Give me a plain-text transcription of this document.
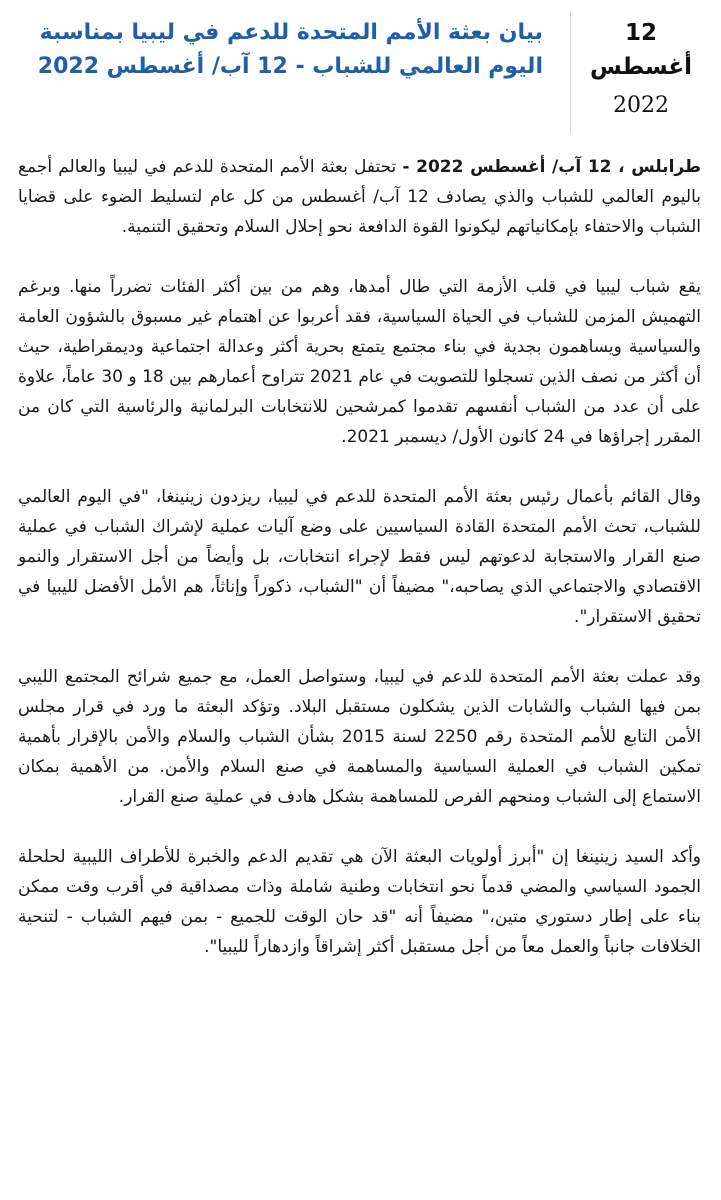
12 أغسطس
2022
بيان بعثة الأمم المتحدة للدعم في ليبيا بمناسبة اليوم العالمي للشباب - 12 آب/ أغسطس 2022

طرابلس ، 12 آب/ أغسطس 2022 - تحتفل بعثة الأمم المتحدة للدعم في ليبيا والعالم أجمع باليوم العالمي للشباب والذي يصادف 12 آب/ أغسطس من كل عام لتسليط الضوء على قضايا الشباب والاحتفاء بإمكانياتهم ليكونوا القوة الدافعة نحو إحلال السلام وتحقيق التنمية.

يقع شباب ليبيا في قلب الأزمة التي طال أمدها، وهم من بين أكثر الفئات تضرراً منها. وبرغم التهميش المزمن للشباب في الحياة السياسية، فقد أعربوا عن اهتمام غير مسبوق بالشؤون العامة والسياسية ويساهمون بجدية في بناء مجتمع يتمتع بحرية أكثر وعدالة اجتماعية وديمقراطية، حيث أن أكثر من نصف الذين تسجلوا للتصويت في عام 2021 تتراوح أعمارهم بين 18 و 30 عاماً، علاوة على أن عدد من الشباب أنفسهم تقدموا كمرشحين للانتخابات البرلمانية والرئاسية التي كان من المقرر إجراؤها في 24 كانون الأول/ ديسمبر 2021.

وقال القائم بأعمال رئيس بعثة الأمم المتحدة للدعم في ليبيا، ريزدون زينينغا، "في اليوم العالمي للشباب، تحث الأمم المتحدة القادة السياسيين على وضع آليات عملية لإشراك الشباب في عملية صنع القرار والاستجابة لدعوتهم ليس فقط لإجراء انتخابات، بل وأيضاً من أجل الاستقرار والنمو الاقتصادي والاجتماعي الذي يصاحبه،" مضيفاً أن "الشباب، ذكوراً وإناثاً، هم الأمل الأفضل لليبيا في تحقيق الاستقرار".

وقد عملت بعثة الأمم المتحدة للدعم في ليبيا، وستواصل العمل، مع جميع شرائح المجتمع الليبي بمن فيها الشباب والشابات الذين يشكلون مستقبل البلاد. وتؤكد البعثة ما ورد في قرار مجلس الأمن التابع للأمم المتحدة رقم 2250 لسنة 2015 بشأن الشباب والسلام والأمن بالإقرار بأهمية تمكين الشباب في العملية السياسية والمساهمة في صنع السلام والأمن. من الأهمية بمكان الاستماع إلى الشباب ومنحهم الفرص للمساهمة بشكل هادف في عملية صنع القرار.

وأكد السيد زينينغا إن "أبرز أولويات البعثة الآن هي تقديم الدعم والخبرة للأطراف الليبية لحلحلة الجمود السياسي والمضي قدماً نحو انتخابات وطنية شاملة وذات مصداقية في أقرب وقت ممكن بناء على إطار دستوري متين،" مضيفاً أنه "قد حان الوقت للجميع - بمن فيهم الشباب - لتنحية الخلافات جانباً والعمل معاً من أجل مستقبل أكثر إشراقاً وازدهاراً لليبيا".
